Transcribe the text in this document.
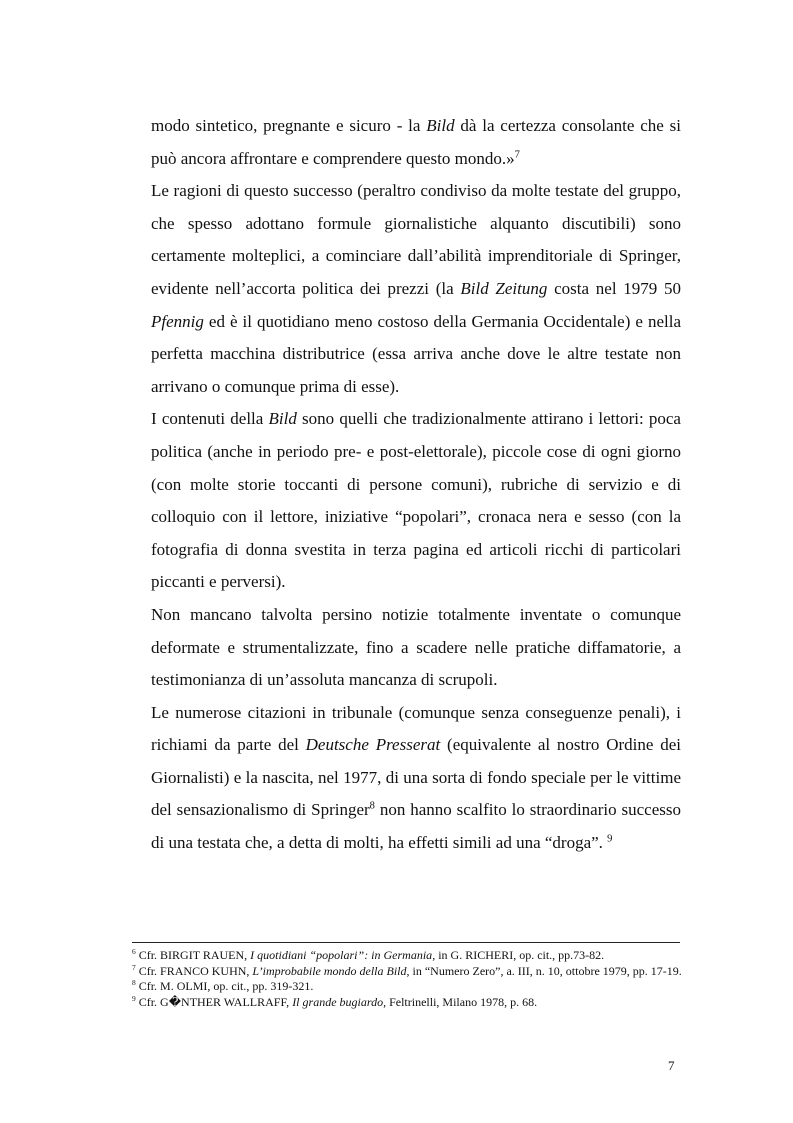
modo sintetico, pregnante e sicuro - la Bild dà la certezza consolante che si può ancora affrontare e comprendere questo mondo.»$^7$

Le ragioni di questo successo (peraltro condiviso da molte testate del gruppo, che spesso adottano formule giornalistiche alquanto discutibili) sono certamente molteplici, a cominciare dall’abilità imprenditoriale di Springer, evidente nell’accorta politica dei prezzi (la Bild Zeitung costa nel 1979 50 Pfennig ed è il quotidiano meno costoso della Germania Occidentale) e nella perfetta macchina distributrice (essa arriva anche dove le altre testate non arrivano o comunque prima di esse).

I contenuti della Bild sono quelli che tradizionalmente attirano i lettori: poca politica (anche in periodo pre- e post-elettorale), piccole cose di ogni giorno (con molte storie toccanti di persone comuni), rubriche di servizio e di colloquio con il lettore, iniziative “popolari”, cronaca nera e sesso (con la fotografia di donna svestita in terza pagina ed articoli ricchi di particolari piccanti e perversi).

Non mancano talvolta persino notizie totalmente inventate o comunque deformate e strumentalizzate, fino a scadere nelle pratiche diffamatorie, a testimonianza di un’assoluta mancanza di scrupoli.

Le numerose citazioni in tribunale (comunque senza conseguenze penali), i richiami da parte del Deutsche Presserat (equivalente al nostro Ordine dei Giornalisti) e la nascita, nel 1977, di una sorta di fondo speciale per le vittime del sensazionalismo di Springer$^8$ non hanno scalfito lo straordinario successo di una testata che, a detta di molti, ha effetti simili ad una “droga”. $^9$

$^6$ Cfr. BIRGIT RAUEN, I quotidiani “popolari”: in Germania, in G. RICHERI, op. cit., pp.73-82.

$^7$ Cfr. FRANCO KUHN, L’improbabile mondo della Bild, in “Numero Zero”, a. III, n. 10, ottobre 1979, pp. 17-19.

$^8$ Cfr. M. OLMI, op. cit., pp. 319-321.

$^9$ Cfr. G�NTHER WALLRAFF, Il grande bugiardo, Feltrinelli, Milano 1978, p. 68.

7
